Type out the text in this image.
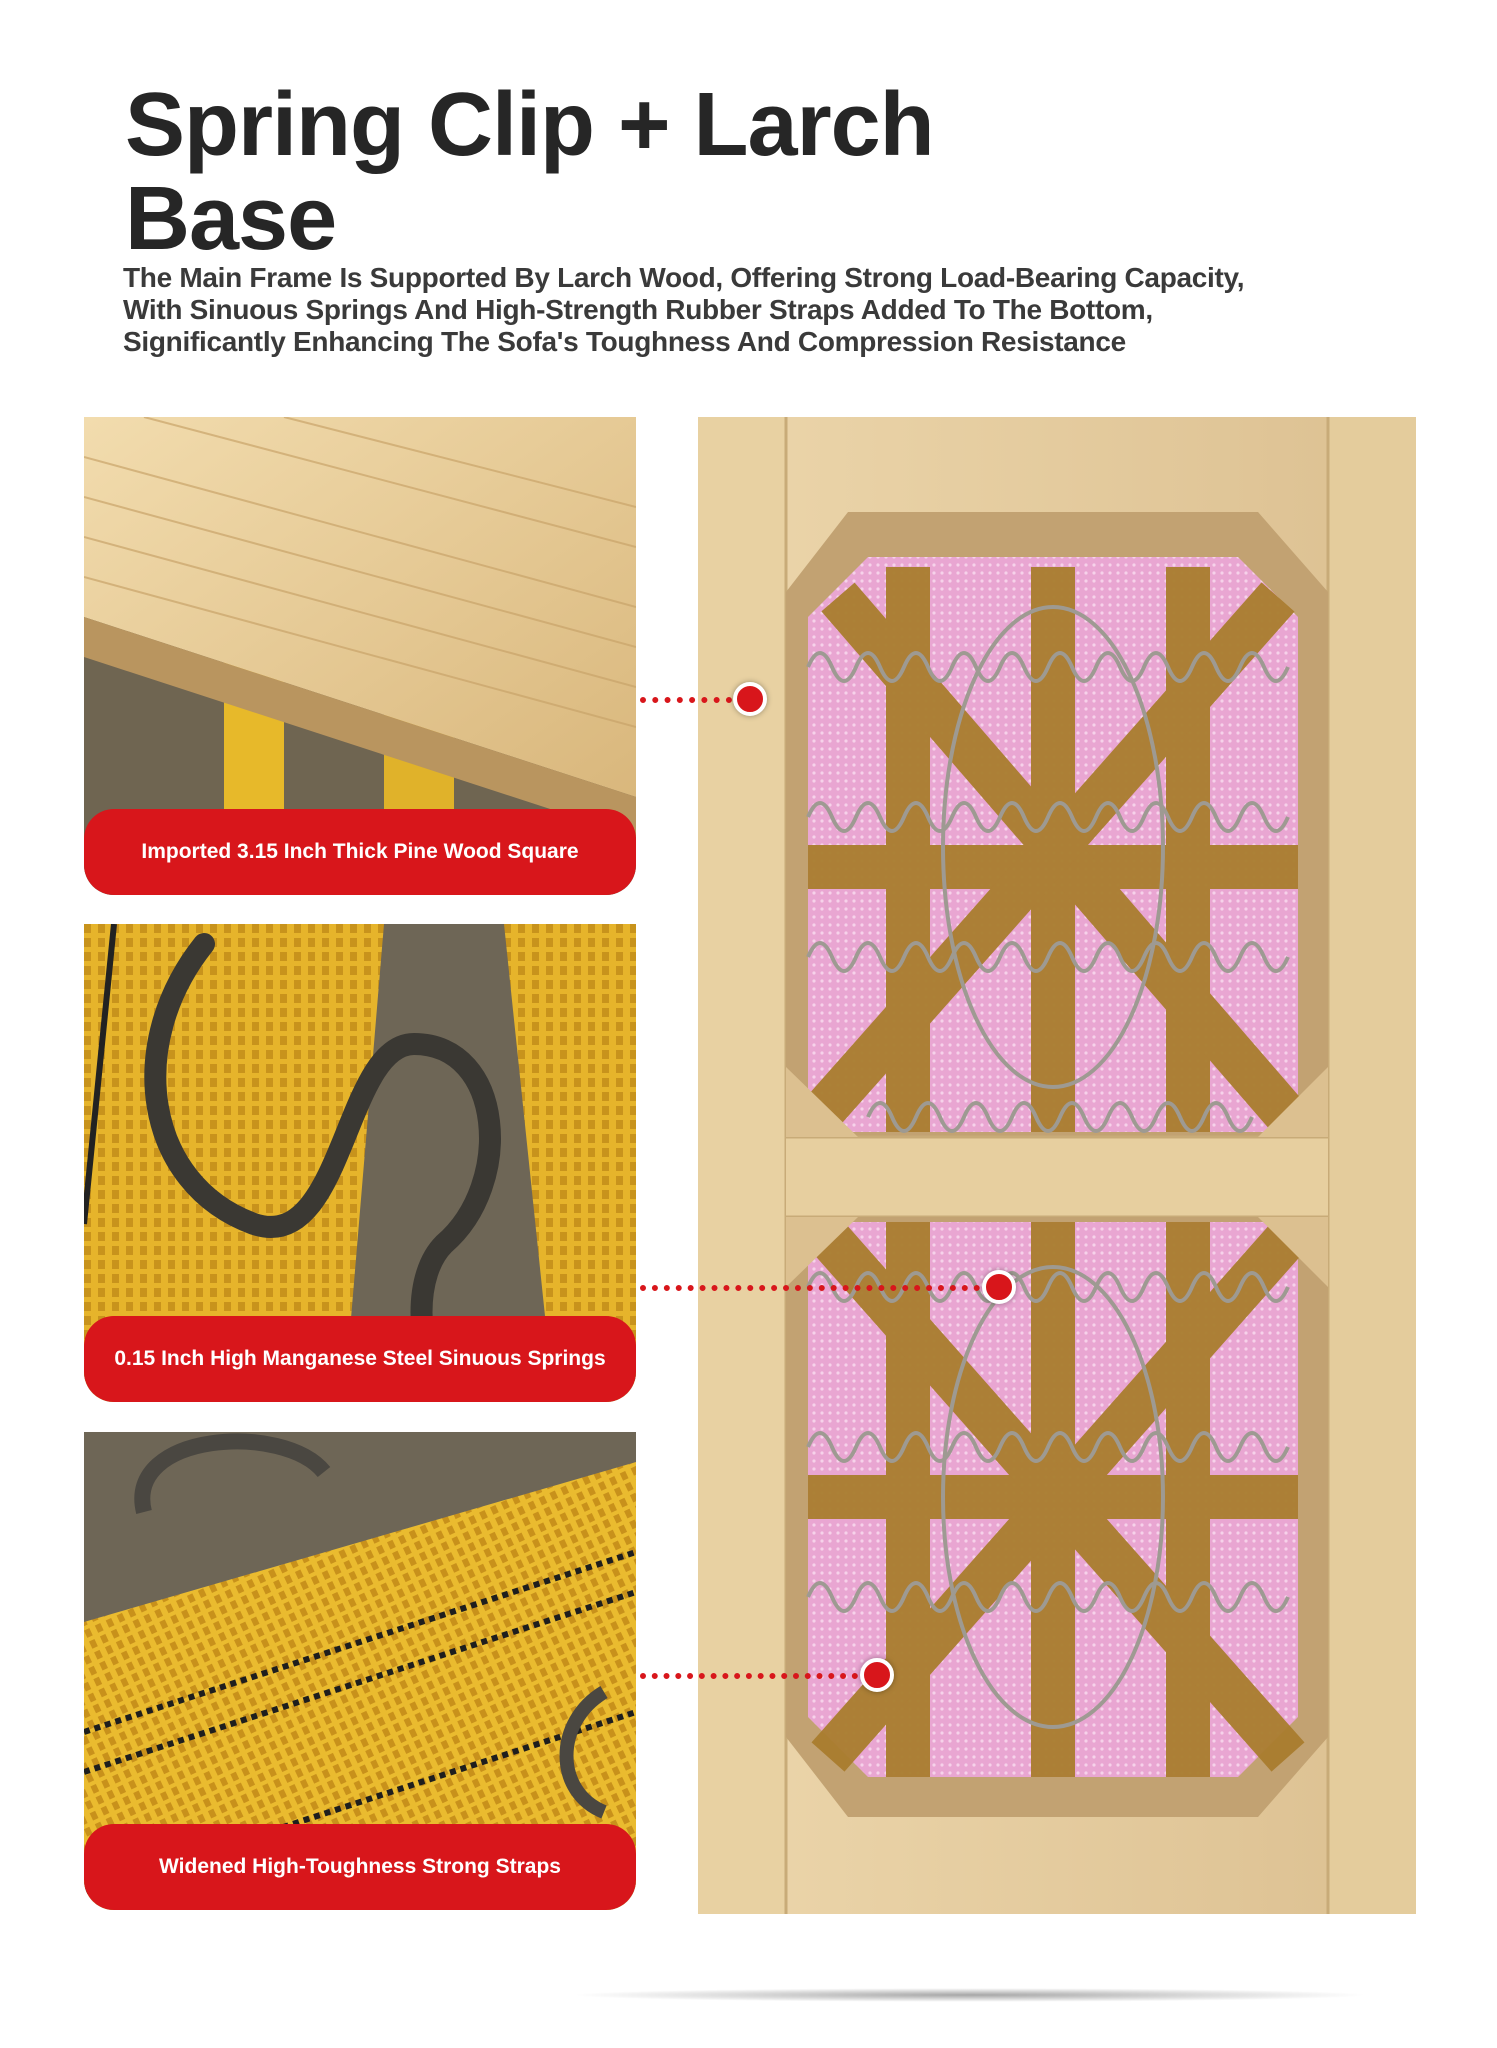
Spring Clip + Larch
Base

The Main Frame Is Supported By Larch Wood, Offering Strong Load-Bearing Capacity,
With Sinuous Springs And High-Strength Rubber Straps Added To The Bottom,
Significantly Enhancing The Sofa's Toughness And Compression Resistance

Imported 3.15 Inch Thick Pine Wood Square
0.15 Inch High Manganese Steel Sinuous Springs
Widened High-Toughness Strong Straps
